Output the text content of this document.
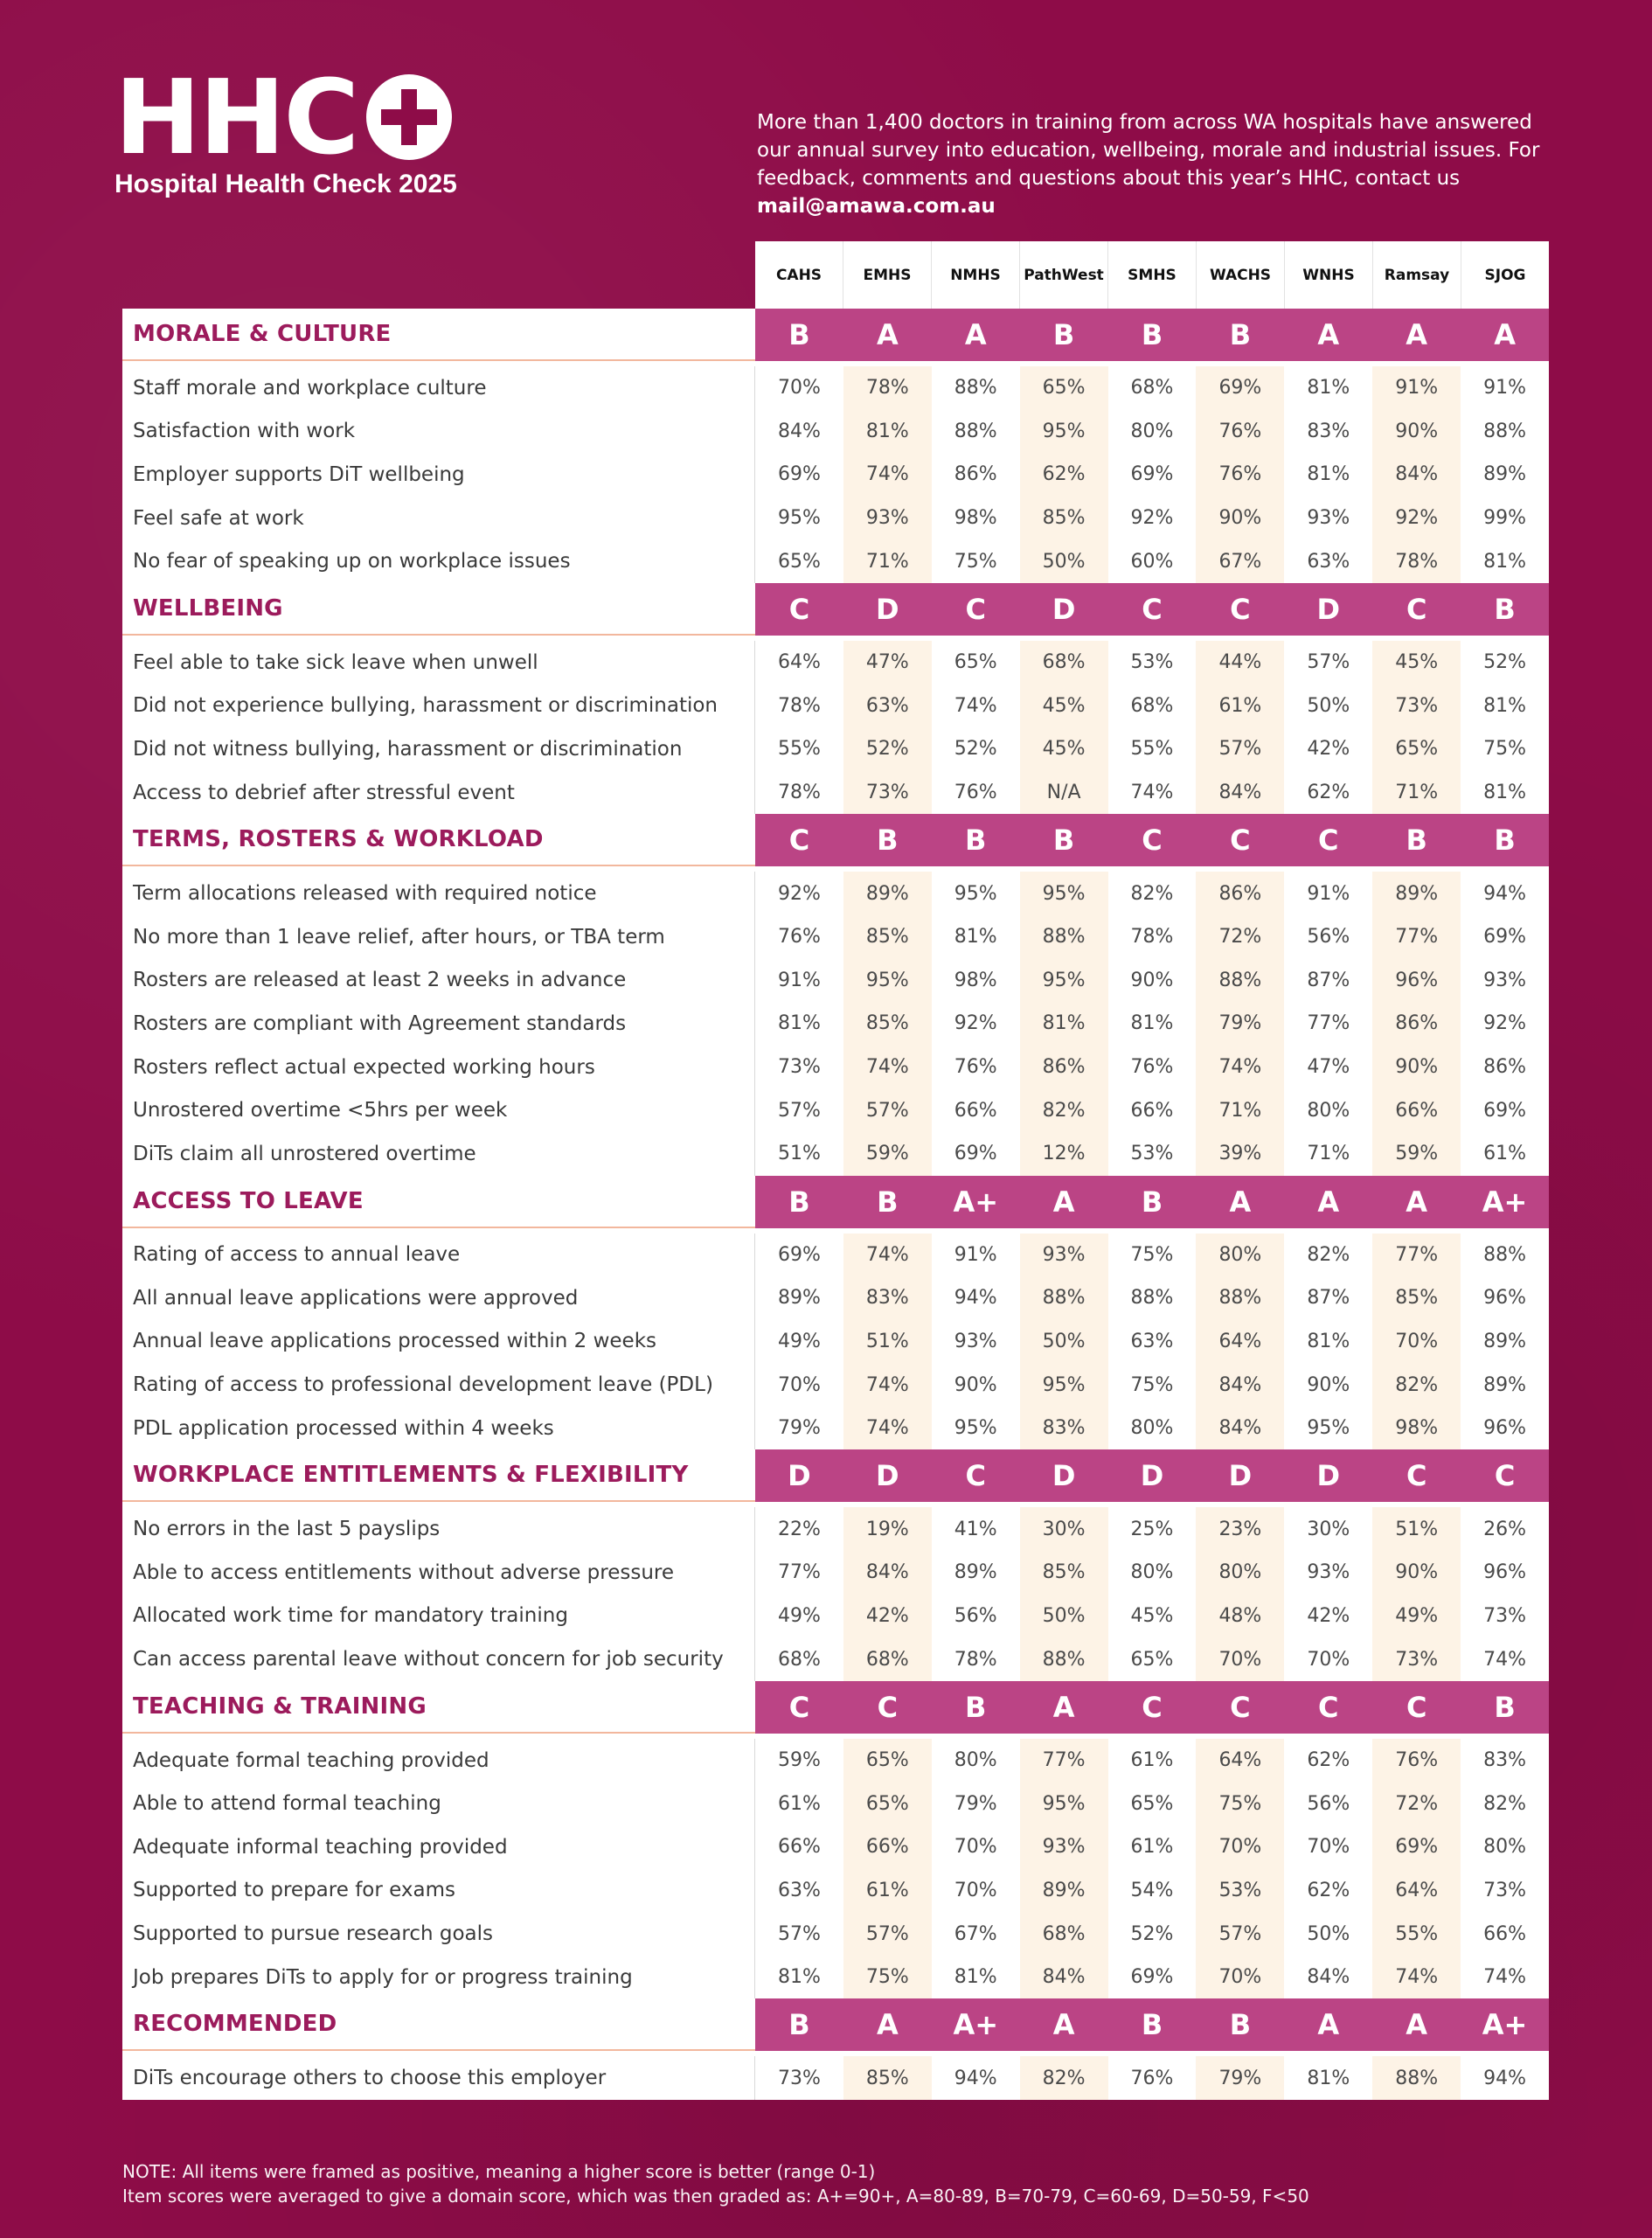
HHC
Hospital Health Check 2025
More than 1,400 doctors in training from across WA hospitals have answered our annual survey into education, wellbeing, morale and industrial issues. For feedback, comments and questions about this year’s HHC, contact us mail@amawa.com.au
CAHS	EMHS	NMHS	PathWest	SMHS	WACHS	WNHS	Ramsay	SJOG
MORALE & CULTURE	B	A	A	B	B	B	A	A	A
Staff morale and workplace culture	70%	78%	88%	65%	68%	69%	81%	91%	91%
Satisfaction with work	84%	81%	88%	95%	80%	76%	83%	90%	88%
Employer supports DiT wellbeing	69%	74%	86%	62%	69%	76%	81%	84%	89%
Feel safe at work	95%	93%	98%	85%	92%	90%	93%	92%	99%
No fear of speaking up on workplace issues	65%	71%	75%	50%	60%	67%	63%	78%	81%
WELLBEING	C	D	C	D	C	C	D	C	B
Feel able to take sick leave when unwell	64%	47%	65%	68%	53%	44%	57%	45%	52%
Did not experience bullying, harassment or discrimination	78%	63%	74%	45%	68%	61%	50%	73%	81%
Did not witness bullying, harassment or discrimination	55%	52%	52%	45%	55%	57%	42%	65%	75%
Access to debrief after stressful event	78%	73%	76%	N/A	74%	84%	62%	71%	81%
TERMS, ROSTERS & WORKLOAD	C	B	B	B	C	C	C	B	B
Term allocations released with required notice	92%	89%	95%	95%	82%	86%	91%	89%	94%
No more than 1 leave relief, after hours, or TBA term	76%	85%	81%	88%	78%	72%	56%	77%	69%
Rosters are released at least 2 weeks in advance	91%	95%	98%	95%	90%	88%	87%	96%	93%
Rosters are compliant with Agreement standards	81%	85%	92%	81%	81%	79%	77%	86%	92%
Rosters reflect actual expected working hours	73%	74%	76%	86%	76%	74%	47%	90%	86%
Unrostered overtime <5hrs per week	57%	57%	66%	82%	66%	71%	80%	66%	69%
DiTs claim all unrostered overtime	51%	59%	69%	12%	53%	39%	71%	59%	61%
ACCESS TO LEAVE	B	B	A+	A	B	A	A	A	A+
Rating of access to annual leave	69%	74%	91%	93%	75%	80%	82%	77%	88%
All annual leave applications were approved	89%	83%	94%	88%	88%	88%	87%	85%	96%
Annual leave applications processed within 2 weeks	49%	51%	93%	50%	63%	64%	81%	70%	89%
Rating of access to professional development leave (PDL)	70%	74%	90%	95%	75%	84%	90%	82%	89%
PDL application processed within 4 weeks	79%	74%	95%	83%	80%	84%	95%	98%	96%
WORKPLACE ENTITLEMENTS & FLEXIBILITY	D	D	C	D	D	D	D	C	C
No errors in the last 5 payslips	22%	19%	41%	30%	25%	23%	30%	51%	26%
Able to access entitlements without adverse pressure	77%	84%	89%	85%	80%	80%	93%	90%	96%
Allocated work time for mandatory training	49%	42%	56%	50%	45%	48%	42%	49%	73%
Can access parental leave without concern for job security	68%	68%	78%	88%	65%	70%	70%	73%	74%
TEACHING & TRAINING	C	C	B	A	C	C	C	C	B
Adequate formal teaching provided	59%	65%	80%	77%	61%	64%	62%	76%	83%
Able to attend formal teaching	61%	65%	79%	95%	65%	75%	56%	72%	82%
Adequate informal teaching provided	66%	66%	70%	93%	61%	70%	70%	69%	80%
Supported to prepare for exams	63%	61%	70%	89%	54%	53%	62%	64%	73%
Supported to pursue research goals	57%	57%	67%	68%	52%	57%	50%	55%	66%
Job prepares DiTs to apply for or progress training	81%	75%	81%	84%	69%	70%	84%	74%	74%
RECOMMENDED	B	A	A+	A	B	B	A	A	A+
DiTs encourage others to choose this employer	73%	85%	94%	82%	76%	79%	81%	88%	94%
NOTE: All items were framed as positive, meaning a higher score is better (range 0-1)
Item scores were averaged to give a domain score, which was then graded as: A+=90+, A=80-89, B=70-79, C=60-69, D=50-59, F<50
